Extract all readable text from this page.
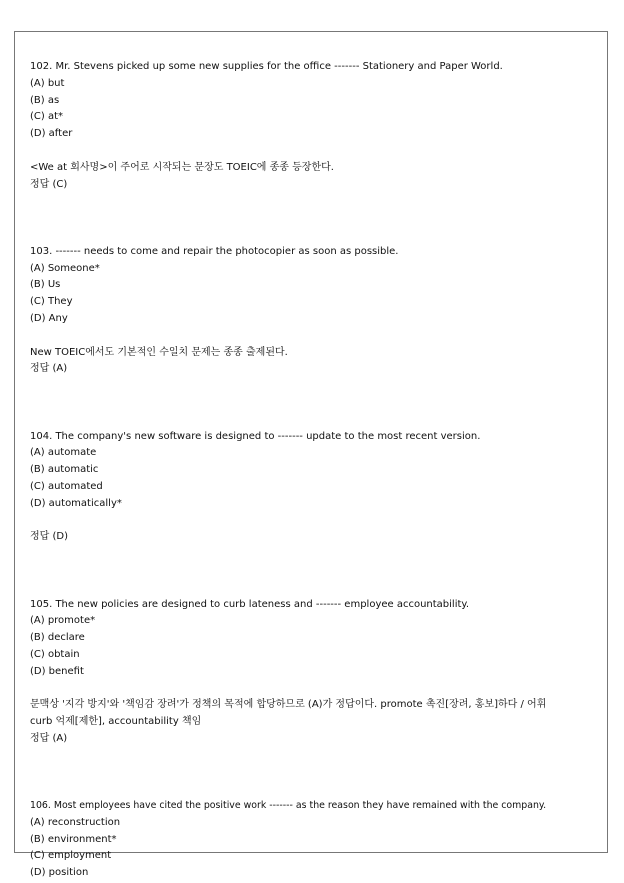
102. Mr. Stevens picked up some new supplies for the office ------- Stationery and Paper World.
(A) but
(B) as
(C) at*
(D) after
<We at 회사명>이 주어로 시작되는 문장도 TOEIC에 종종 등장한다.
정답 (C)
103. ------- needs to come and repair the photocopier as soon as possible.
(A) Someone*
(B) Us
(C) They
(D) Any
New TOEIC에서도 기본적인 수일치 문제는 종종 출제된다.
정답 (A)
104. The company's new software is designed to ------- update to the most recent version.
(A) automate
(B) automatic
(C) automated
(D) automatically*
정답 (D)
105. The new policies are designed to curb lateness and ------- employee accountability.
(A) promote*
(B) declare
(C) obtain
(D) benefit
문맥상 '지각 방지'와 '책임감 장려'가 정책의 목적에 합당하므로 (A)가 정답이다. promote 촉진[장려, 홍보]하다 / 어휘
curb 억제[제한], accountability 책임
정답 (A)
106. Most employees have cited the positive work ------- as the reason they have remained with the company.
(A) reconstruction
(B) environment*
(C) employment
(D) position
